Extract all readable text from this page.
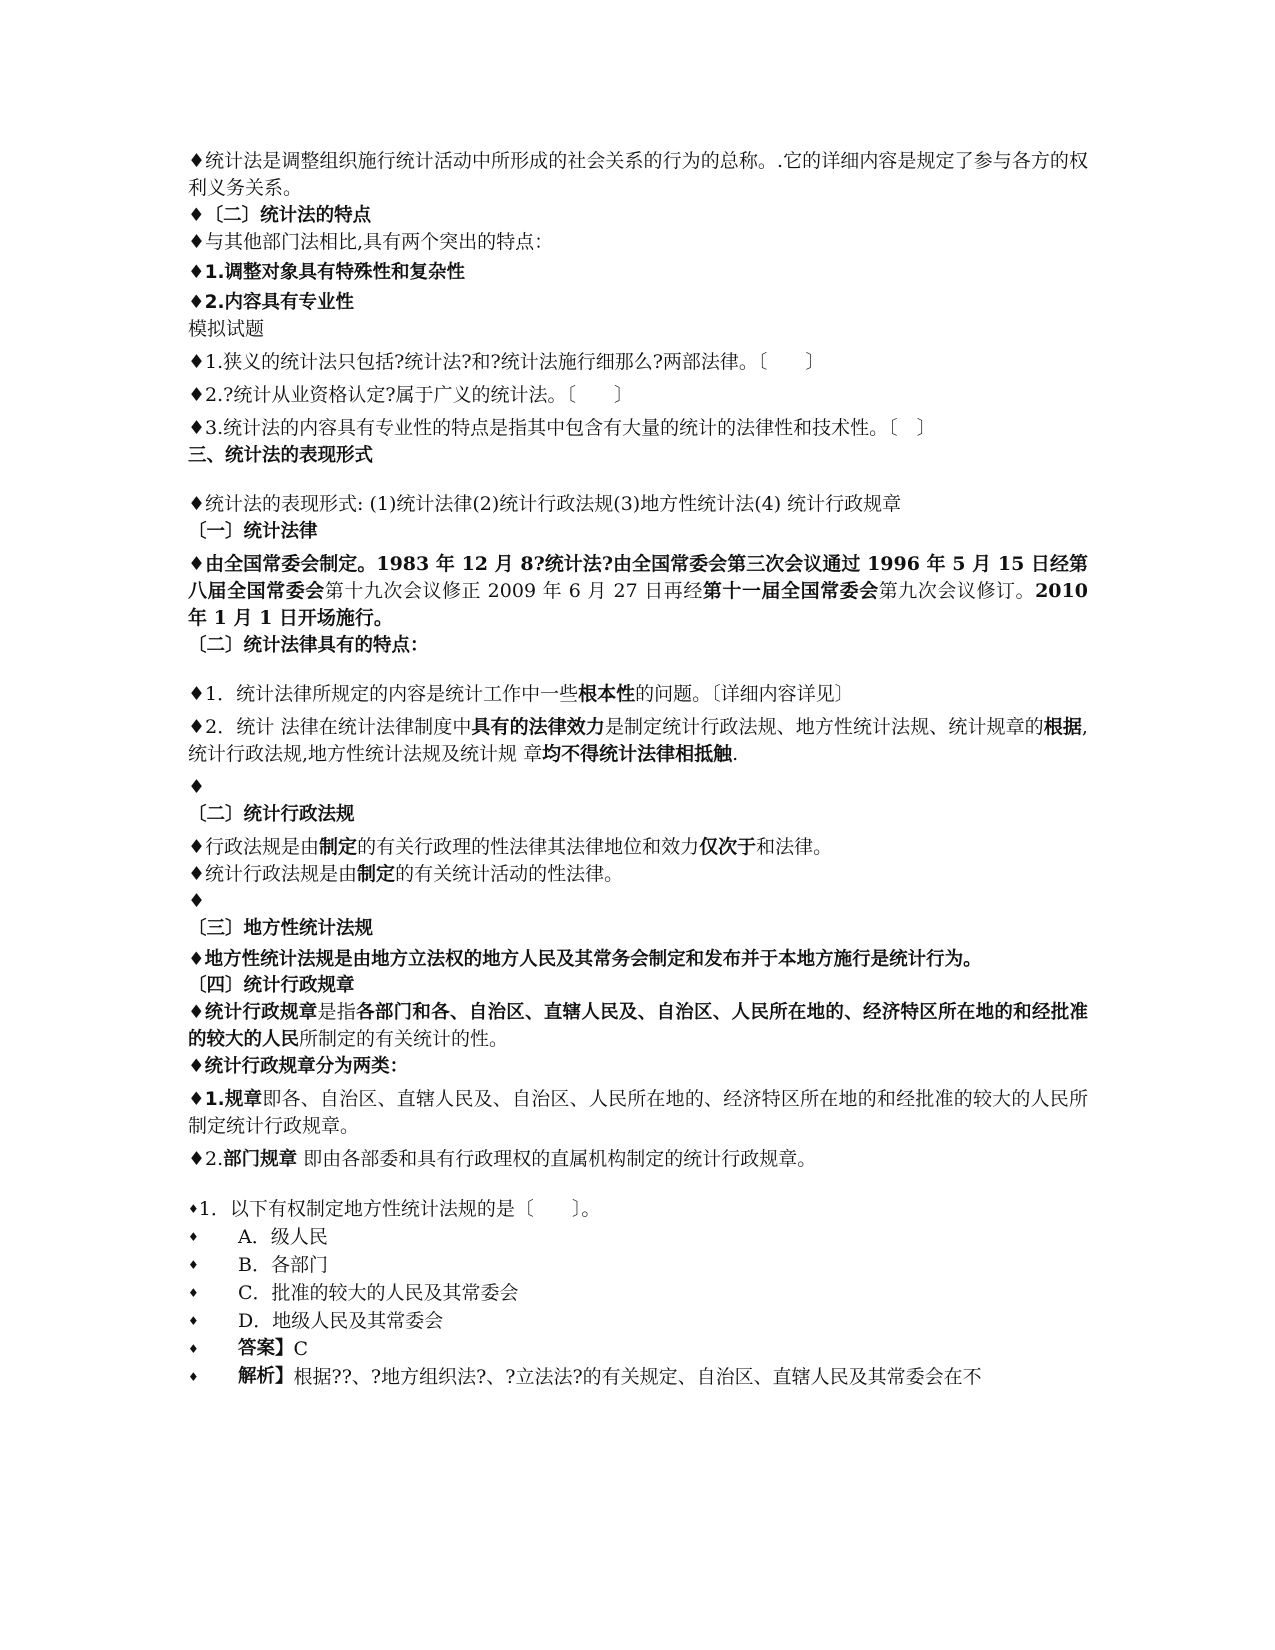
♦统计法是调整组织施行统计活动中所形成的社会关系的行为的总称。.它的详细内容是规定了参与各方的权利义务关系。

♦〔二〕统计法的特点

♦与其他部门法相比,具有两个突出的特点：

♦1.调整对象具有特殊性和复杂性

♦2.内容具有专业性

模拟试题

♦1.狭义的统计法只包括?统计法?和?统计法施行细那么?两部法律。〔　　〕

♦2.?统计从业资格认定?属于广义的统计法。〔　　〕

♦3.统计法的内容具有专业性的特点是指其中包含有大量的统计的法律性和技术性。〔　〕

三、统计法的表现形式

♦统计法的表现形式: (1)统计法律(2)统计行政法规(3)地方性统计法(4) 统计行政规章

〔一〕统计法律

♦由全国常委会制定。1983 年 12 月 8?统计法?由全国常委会第三次会议通过 1996 年 5 月 15 日经第八届全国常委会第十九次会议修正 2009 年 6 月 27 日再经第十一届全国常委会第九次会议修订。2010 年 1 月 1 日开场施行。

〔二〕统计法律具有的特点：

♦1．统计法律所规定的内容是统计工作中一些根本性的问题。〔详细内容详见〕

♦2．统计 法律在统计法律制度中具有的法律效力是制定统计行政法规、地方性统计法规、统计规章的根据,统计行政法规,地方性统计法规及统计规 章均不得统计法律相抵触.

♦

〔二〕统计行政法规

♦行政法规是由制定的有关行政理的性法律其法律地位和效力仅次于和法律。

♦统计行政法规是由制定的有关统计活动的性法律。

♦

〔三〕地方性统计法规

♦地方性统计法规是由地方立法权的地方人民及其常务会制定和发布并于本地方施行是统计行为。

〔四〕统计行政规章

♦统计行政规章是指各部门和各、自治区、直辖人民及、自治区、人民所在地的、经济特区所在地的和经批准的较大的人民所制定的有关统计的性。

♦统计行政规章分为两类：

♦1.规章即各、自治区、直辖人民及、自治区、人民所在地的、经济特区所在地的和经批准的较大的人民所制定统计行政规章。

♦2.部门规章 即由各部委和具有行政理权的直属机构制定的统计行政规章。

♦ 1．以下有权制定地方性统计法规的是〔　　〕。
♦	A．级人民
♦	B．各部门
♦	C．批准的较大的人民及其常委会
♦	D．地级人民及其常委会
♦	答案】 C
♦	解析】 根据??、?地方组织法?、?立法法?的有关规定、自治区、直辖人民及其常委会在不
